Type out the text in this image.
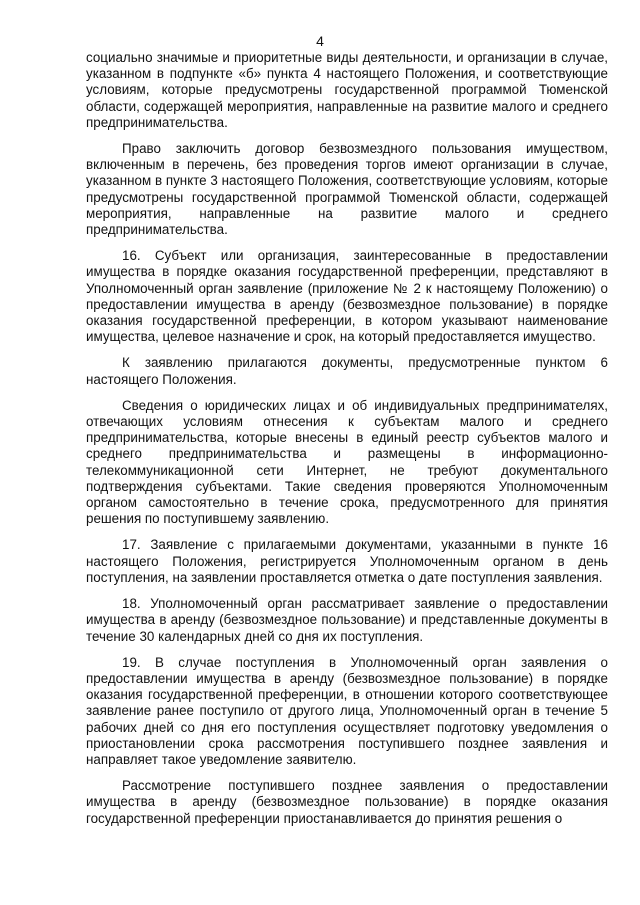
4

социально значимые и приоритетные виды деятельности, и организации в случае, указанном в подпункте «б» пункта 4 настоящего Положения, и соответствующие условиям, которые предусмотрены государственной программой Тюменской области, содержащей мероприятия, направленные на развитие малого и среднего предпринимательства.

Право заключить договор безвозмездного пользования имуществом, включенным в перечень, без проведения торгов имеют организации в случае, указанном в пункте 3 настоящего Положения, соответствующие условиям, которые предусмотрены государственной программой Тюменской области, содержащей мероприятия, направленные на развитие малого и среднего предпринимательства.

16. Субъект или организация, заинтересованные в предоставлении имущества в порядке оказания государственной преференции, представляют в Уполномоченный орган заявление (приложение № 2 к настоящему Положению) о предоставлении имущества в аренду (безвозмездное пользование) в порядке оказания государственной преференции, в котором указывают наименование имущества, целевое назначение и срок, на который предоставляется имущество.

К заявлению прилагаются документы, предусмотренные пунктом 6 настоящего Положения.

Сведения о юридических лицах и об индивидуальных предпринимателях, отвечающих условиям отнесения к субъектам малого и среднего предпринимательства, которые внесены в единый реестр субъектов малого и среднего предпринимательства и размещены в информационно-телекоммуникационной сети Интернет, не требуют документального подтверждения субъектами. Такие сведения проверяются Уполномоченным органом самостоятельно в течение срока, предусмотренного для принятия решения по поступившему заявлению.

17. Заявление с прилагаемыми документами, указанными в пункте 16 настоящего Положения, регистрируется Уполномоченным органом в день поступления, на заявлении проставляется отметка о дате поступления заявления.

18. Уполномоченный орган рассматривает заявление о предоставлении имущества в аренду (безвозмездное пользование) и представленные документы в течение 30 календарных дней со дня их поступления.

19. В случае поступления в Уполномоченный орган заявления о предоставлении имущества в аренду (безвозмездное пользование) в порядке оказания государственной преференции, в отношении которого соответствующее заявление ранее поступило от другого лица, Уполномоченный орган в течение 5 рабочих дней со дня его поступления осуществляет подготовку уведомления о приостановлении срока рассмотрения поступившего позднее заявления и направляет такое уведомление заявителю.

Рассмотрение поступившего позднее заявления о предоставлении имущества в аренду (безвозмездное пользование) в порядке оказания государственной преференции приостанавливается до принятия решения о
